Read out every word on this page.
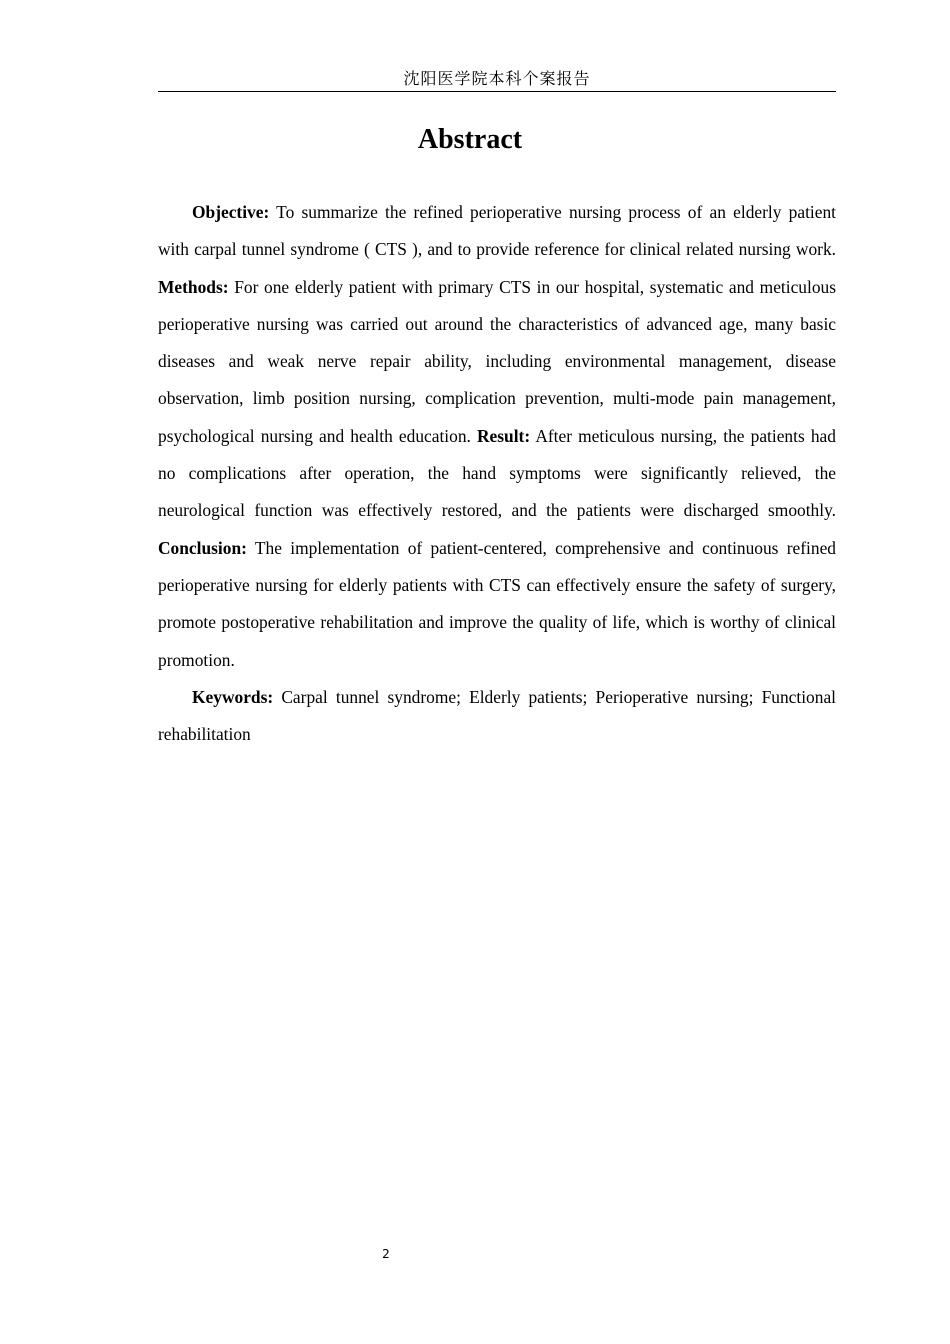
沈阳医学院本科个案报告
Abstract

Objective: To summarize the refined perioperative nursing process of an elderly patient with carpal tunnel syndrome ( CTS ), and to provide reference for clinical related nursing work. Methods: For one elderly patient with primary CTS in our hospital, systematic and meticulous perioperative nursing was carried out around the characteristics of advanced age, many basic diseases and weak nerve repair ability, including environmental management, disease observation, limb position nursing, complication prevention, multi-mode pain management, psychological nursing and health education. Result: After meticulous nursing, the patients had no complications after operation, the hand symptoms were significantly relieved, the neurological function was effectively restored, and the patients were discharged smoothly. Conclusion: The implementation of patient-centered, comprehensive and continuous refined perioperative nursing for elderly patients with CTS can effectively ensure the safety of surgery, promote postoperative rehabilitation and improve the quality of life, which is worthy of clinical promotion.

Keywords: Carpal tunnel syndrome; Elderly patients; Perioperative nursing; Functional rehabilitation

2
